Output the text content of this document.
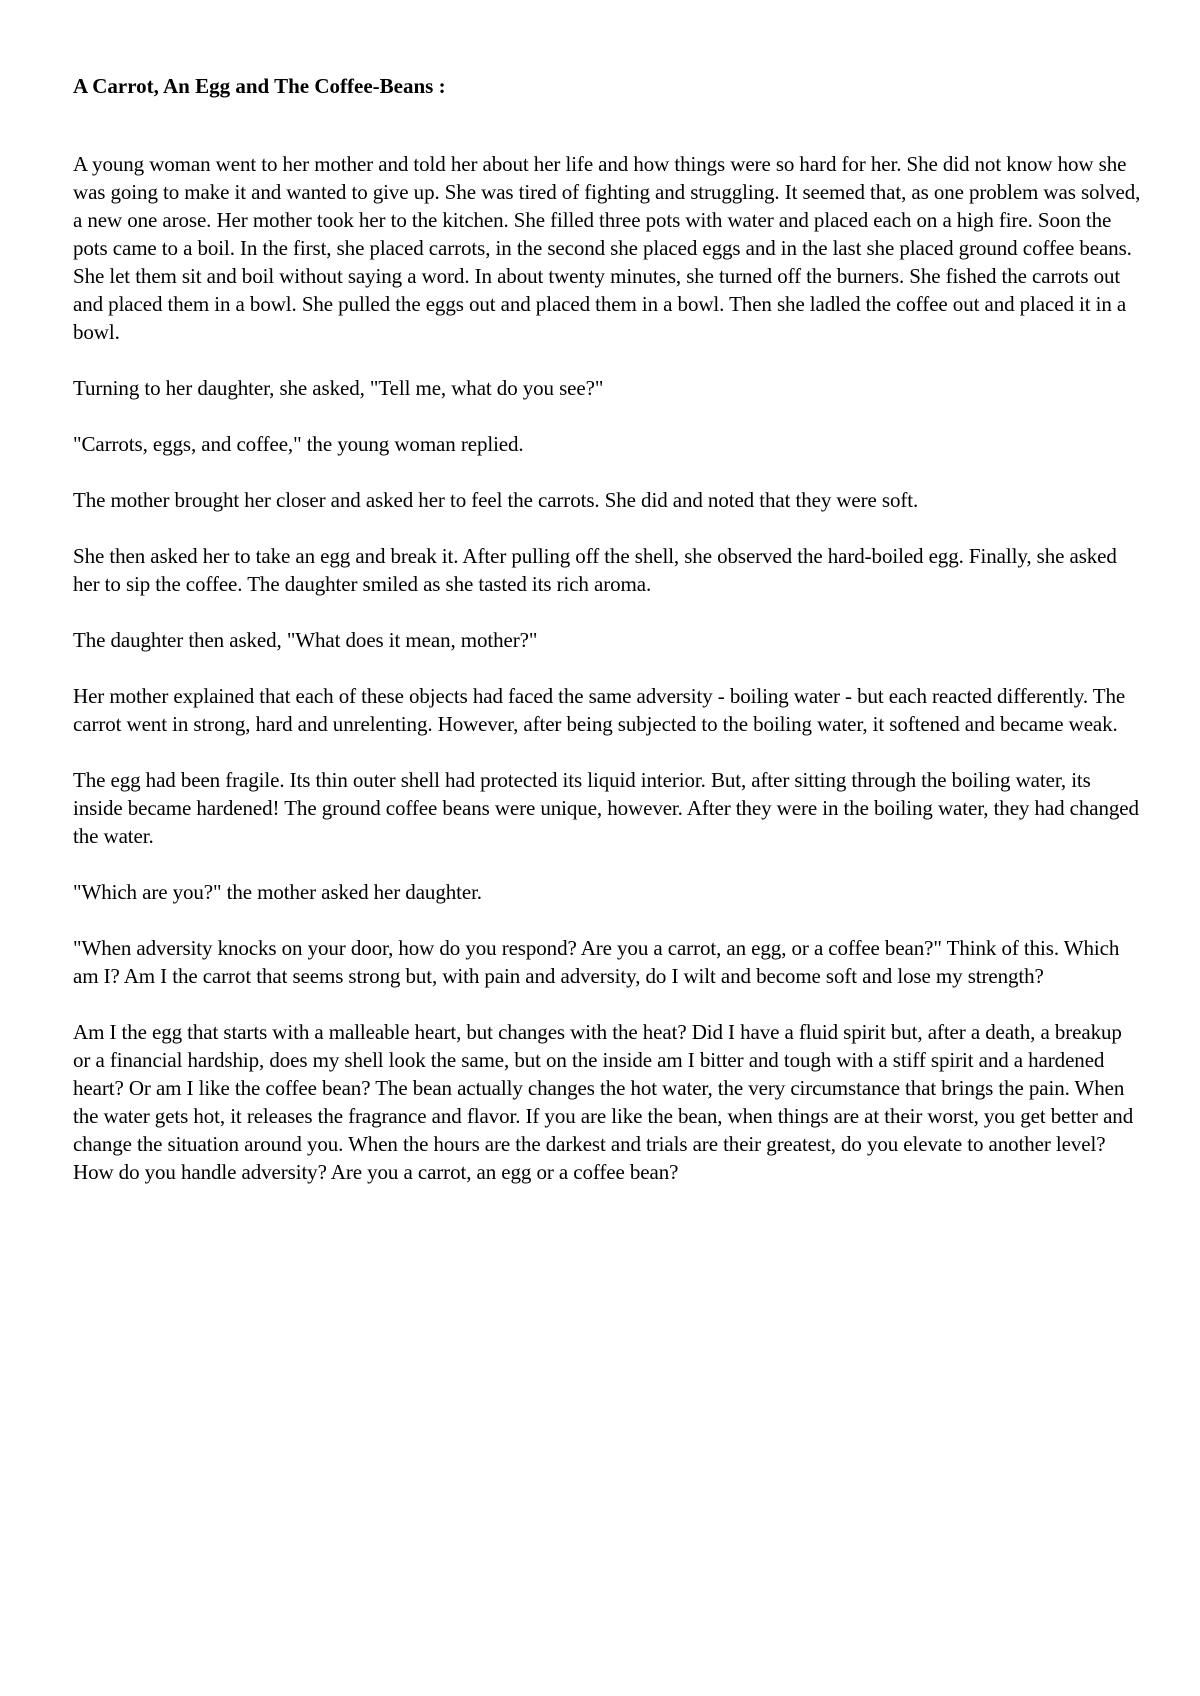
A Carrot, An Egg and The Coffee-Beans :

A young woman went to her mother and told her about her life and how things were so hard for her. She did not know how she was going to make it and wanted to give up. She was tired of fighting and struggling. It seemed that, as one problem was solved, a new one arose. Her mother took her to the kitchen. She filled three pots with water and placed each on a high fire. Soon the pots came to a boil. In the first, she placed carrots, in the second she placed eggs and in the last she placed ground coffee beans. She let them sit and boil without saying a word. In about twenty minutes, she turned off the burners. She fished the carrots out and placed them in a bowl. She pulled the eggs out and placed them in a bowl. Then she ladled the coffee out and placed it in a bowl.

Turning to her daughter, she asked, "Tell me, what do you see?"

"Carrots, eggs, and coffee," the young woman replied.

The mother brought her closer and asked her to feel the carrots. She did and noted that they were soft.

She then asked her to take an egg and break it. After pulling off the shell, she observed the hard-boiled egg. Finally, she asked her to sip the coffee. The daughter smiled as she tasted its rich aroma.

The daughter then asked, "What does it mean, mother?"

Her mother explained that each of these objects had faced the same adversity - boiling water - but each reacted differently. The carrot went in strong, hard and unrelenting. However, after being subjected to the boiling water, it softened and became weak.

The egg had been fragile. Its thin outer shell had protected its liquid interior. But, after sitting through the boiling water, its inside became hardened! The ground coffee beans were unique, however. After they were in the boiling water, they had changed the water.

"Which are you?" the mother asked her daughter.

"When adversity knocks on your door, how do you respond? Are you a carrot, an egg, or a coffee bean?" Think of this. Which am I? Am I the carrot that seems strong but, with pain and adversity, do I wilt and become soft and lose my strength?

Am I the egg that starts with a malleable heart, but changes with the heat? Did I have a fluid spirit but, after a death, a breakup or a financial hardship, does my shell look the same, but on the inside am I bitter and tough with a stiff spirit and a hardened heart? Or am I like the coffee bean? The bean actually changes the hot water, the very circumstance that brings the pain. When the water gets hot, it releases the fragrance and flavor. If you are like the bean, when things are at their worst, you get better and change the situation around you. When the hours are the darkest and trials are their greatest, do you elevate to another level? How do you handle adversity? Are you a carrot, an egg or a coffee bean?
